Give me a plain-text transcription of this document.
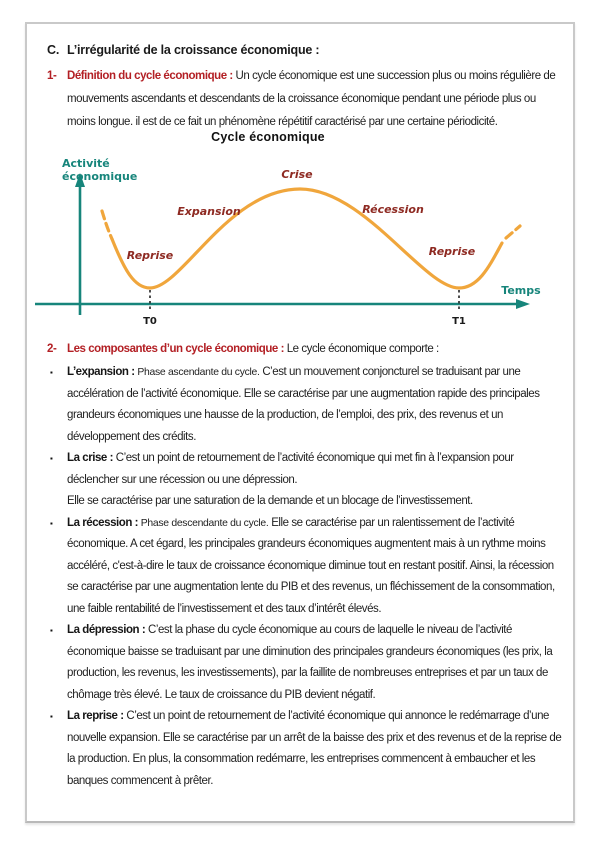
C. L’irrégularité de la croissance économique :
1- Définition du cycle économique : Un cycle économique est une succession plus ou moins régulière de mouvements ascendants et descendants de la croissance économique pendant une période plus ou moins longue. il est de ce fait un phénomène répétitif caractérisé par une certaine périodicité.
Cycle économique
Activité
économique
Temps
Reprise
Expansion
Crise
Récession
Reprise
T0	T1
2- Les composantes d’un cycle économique : Le cycle économique comporte :
▪ L’expansion : Phase ascendante du cycle. C’est un mouvement conjoncturel se traduisant par une accélération de l’activité économique. Elle se caractérise par une augmentation rapide des principales grandeurs économiques une hausse de la production, de l’emploi, des prix, des revenus et un développement des crédits.
▪ La crise : C’est un point de retournement de l’activité économique qui met fin à l’expansion pour déclencher sur une récession ou une dépression.
Elle se caractérise par une saturation de la demande et un blocage de l’investissement.
▪ La récession : Phase descendante du cycle. Elle se caractérise par un ralentissement de l’activité économique. A cet égard, les principales grandeurs économiques augmentent mais à un rythme moins accéléré, c'est-à-dire le taux de croissance économique diminue tout en restant positif. Ainsi, la récession se caractérise par une augmentation lente du PIB et des revenus, un fléchissement de la consommation, une faible rentabilité de l’investissement et des taux d’intérêt élevés.
▪ La dépression : C’est la phase du cycle économique au cours de laquelle le niveau de l’activité économique baisse se traduisant par une diminution des principales grandeurs économiques (les prix, la production, les revenus, les investissements), par la faillite de nombreuses entreprises et par un taux de chômage très élevé. Le taux de croissance du PIB devient négatif.
▪ La reprise : C’est un point de retournement de l’activité économique qui annonce le redémarrage d’une nouvelle expansion. Elle se caractérise par un arrêt de la baisse des prix et des revenus et de la reprise de la production. En plus, la consommation redémarre, les entreprises commencent à embaucher et les banques commencent à prêter.
